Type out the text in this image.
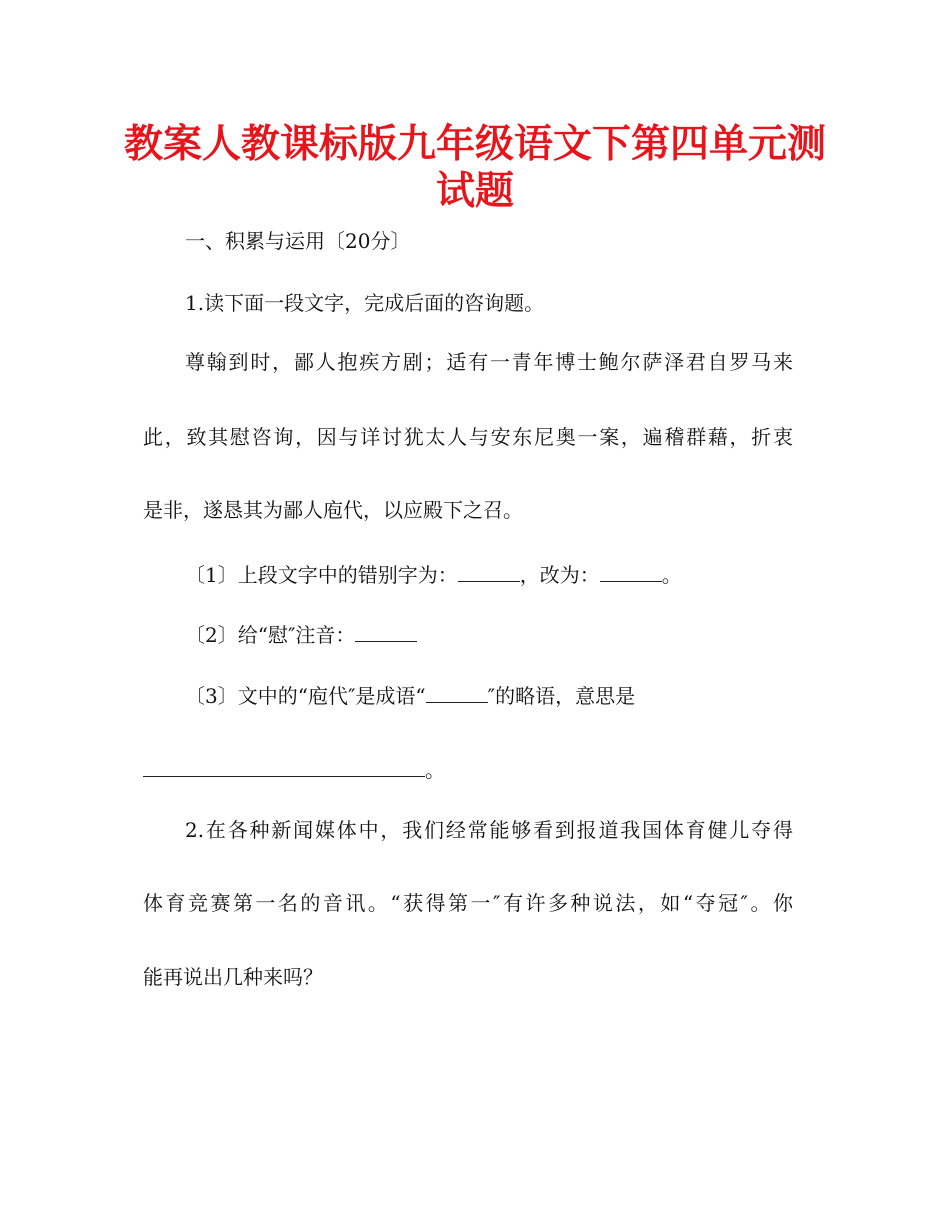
教案人教课标版九年级语文下第四单元测
试题
一、积累与运用〔20分〕
1.读下面一段文字，完成后面的咨询题。
尊翰到时，鄙人抱疾方剧；适有一青年博士鲍尔萨泽君自罗马来
此，致其慰咨询，因与详讨犹太人与安东尼奥一案，遍稽群藉，折衷
是非，遂恳其为鄙人庖代，以应殿下之召。
〔1〕上段文字中的错别字为：	，改为：	。
〔2〕给“慰″注音：
〔3〕文中的“庖代″是成语“	″的略语，意思是
。
2.在各种新闻媒体中，我们经常能够看到报道我国体育健儿夺得
体育竞赛第一名的音讯。“获得第一″有许多种说法，如“夺冠″。你
能再说出几种来吗？
